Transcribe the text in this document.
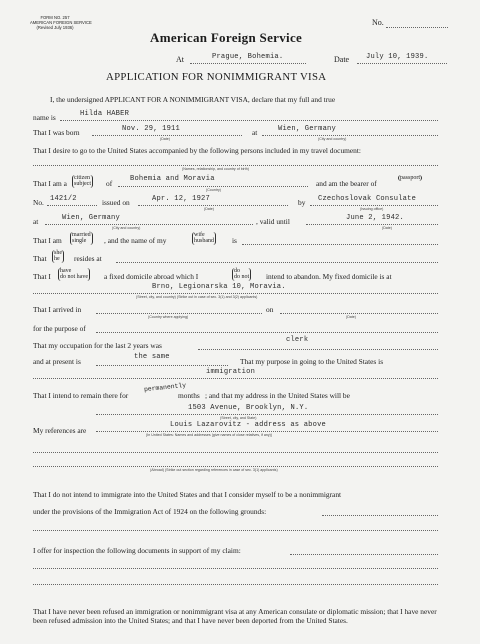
FORM NO. 257
AMERICAN FOREIGN SERVICE
(Revised July 1936)
No.
American Foreign Service
At	Prague, Bohemia.	Date July 10, 1939.
APPLICATION FOR NONIMMIGRANT VISA
I, the undersigned APPLICANT FOR A NONIMMIGRANT VISA, declare that my full and true
name is	Hilda HABER
That I was born	Nov. 29, 1911	at	Wien, Germany
(Date)	(City and country)
That I desire to go to the United States accompanied by the following persons included in my travel document:
(Names, relationship, and country of birth)
That I am a
citizen
subject of	Bohemia and Moravia
(Country)
and am the bearer of
passport
No. 1421/2	issued on	Apr. 12, 1927	by Czechoslovak Consulate
(Date)	(Issuing office)
at	Wien, Germany	, valid until	June 2, 1942.
(City and country)	(Date)
That I am
married
single	, and the name of my
wife
husband is
That
she
he	resides at
That I
have
do not have a fixed domicile abroad which I
do
do not intend to abandon. My fixed domicile is at
Brno, Legionarska 10, Moravia.
(Street, city, and country) (Strike out in case of sec. 3(1) and 3(2) applicants)
That I arrived in	on
(Country where applying)	(Date)
for the purpose of
That my occupation for the last 2 years was
clerk
and at present is	the same	That my purpose in going to the United States is
immigration
That I intend to remain there for
permanently
months ; and that my address in the United States will be
1503 Avenue, Brooklyn, N.Y.
(Street, city, and State)
My references are
Louis Lazarovitz - address as above
(In United States: Names and addresses (give names of close relatives, if any))
(Abroad) (Strike out section regarding references in case of sec. 3(1) applicants)
That I do not intend to immigrate into the United States and that I consider myself to be a nonimmigrant
under the provisions of the Immigration Act of 1924 on the following grounds:
I offer for inspection the following documents in support of my claim:
That I have never been refused an immigration or nonimmigrant visa at any American consulate or diplomatic mission; that I have never been refused admission into the United States; and that I have never been deported from the United States.
